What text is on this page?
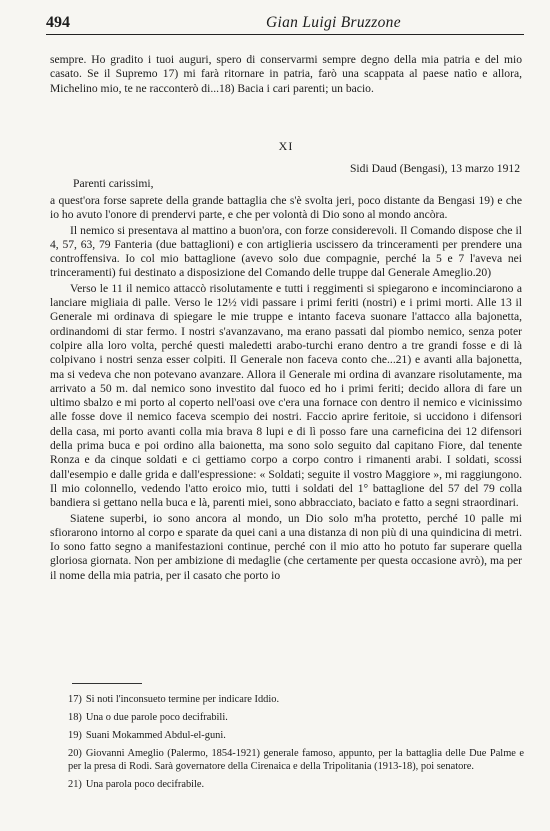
494	Gian Luigi Bruzzone

sempre. Ho gradito i tuoi auguri, spero di conservarmi sempre degno della mia patria e del mio casato. Se il Supremo 17) mi farà ritornare in patria, farò una scappata al paese natìo e allora, Michelino mio, te ne racconterò di...18) Bacia i cari parenti; un bacio.

XI
Sidi Daud (Bengasi), 13 marzo 1912
Parenti carissimi,

a quest'ora forse saprete della grande battaglia che s'è svolta jeri, poco distante da Bengasi 19) e che io ho avuto l'onore di prendervi parte, e che per volontà di Dio sono al mondo ancòra.

Il nemico si presentava al mattino a buon'ora, con forze considerevoli. Il Comando dispose che il 4, 57, 63, 79 Fanteria (due battaglioni) e con artiglieria uscissero da trinceramenti per prendere una controffensiva. Io col mio battaglione (avevo solo due compagnie, perché la 5 e 7 l'aveva nei trinceramenti) fui destinato a disposizione del Comando delle truppe dal Generale Ameglio.20)

Verso le 11 il nemico attaccò risolutamente e tutti i reggimenti si spiegarono e incominciarono a lanciare migliaia di palle. Verso le 12½ vidi passare i primi feriti (nostri) e i primi morti. Alle 13 il Generale mi ordinava di spiegare le mie truppe e intanto faceva suonare l'attacco alla bajonetta, ordinandomi di star fermo. I nostri s'avanzavano, ma erano passati dal piombo nemico, senza poter colpire alla loro volta, perché questi maledetti arabo-turchi erano dentro a tre grandi fosse e di là colpivano i nostri senza esser colpiti. Il Generale non faceva conto che...21) e avanti alla bajonetta, ma si vedeva che non potevano avanzare. Allora il Generale mi ordina di avanzare risolutamente, ma arrivato a 50 m. dal nemico sono investito dal fuoco ed ho i primi feriti; decido allora di fare un ultimo sbalzo e mi porto al coperto nell'oasi ove c'era una fornace con dentro il nemico e vicinissimo alle fosse dove il nemico faceva scempio dei nostri. Faccio aprire feritoie, si uccidono i difensori della casa, mi porto avanti colla mia brava 8 lupi e di lì posso fare una carneficina dei 12 difensori della prima buca e poi ordino alla baionetta, ma sono solo seguito dal capitano Fiore, dal tenente Ronza e da cinque soldati e ci gettiamo corpo a corpo contro i rimanenti arabi. I soldati, scossi dall'esempio e dalle grida e dall'espressione: « Soldati; seguite il vostro Maggiore », mi raggiungono. Il mio colonnello, vedendo l'atto eroico mio, tutti i soldati del 1° battaglione del 57 del 79 colla bandiera si gettano nella buca e là, parenti miei, sono abbracciato, baciato e fatto a segni straordinari.

Siatene superbi, io sono ancora al mondo, un Dio solo m'ha protetto, perché 10 palle mi sfiorarono intorno al corpo e sparate da quei cani a una distanza di non più di una quindicina di metri. Io sono fatto segno a manifestazioni continue, perché con il mio atto ho potuto far superare quella gloriosa giornata. Non per ambizione di medaglie (che certamente per questa occasione avrò), ma per il nome della mia patria, per il casato che porto io

17) Si noti l'inconsueto termine per indicare Iddio.

18) Una o due parole poco decifrabili.

19) Suani Mokammed Abdul-el-guni.

20) Giovanni Ameglio (Palermo, 1854-1921) generale famoso, appunto, per la battaglia delle Due Palme e per la presa di Rodi. Sarà governatore della Cirenaica e della Tripolitania (1913-18), poi senatore.

21) Una parola poco decifrabile.
